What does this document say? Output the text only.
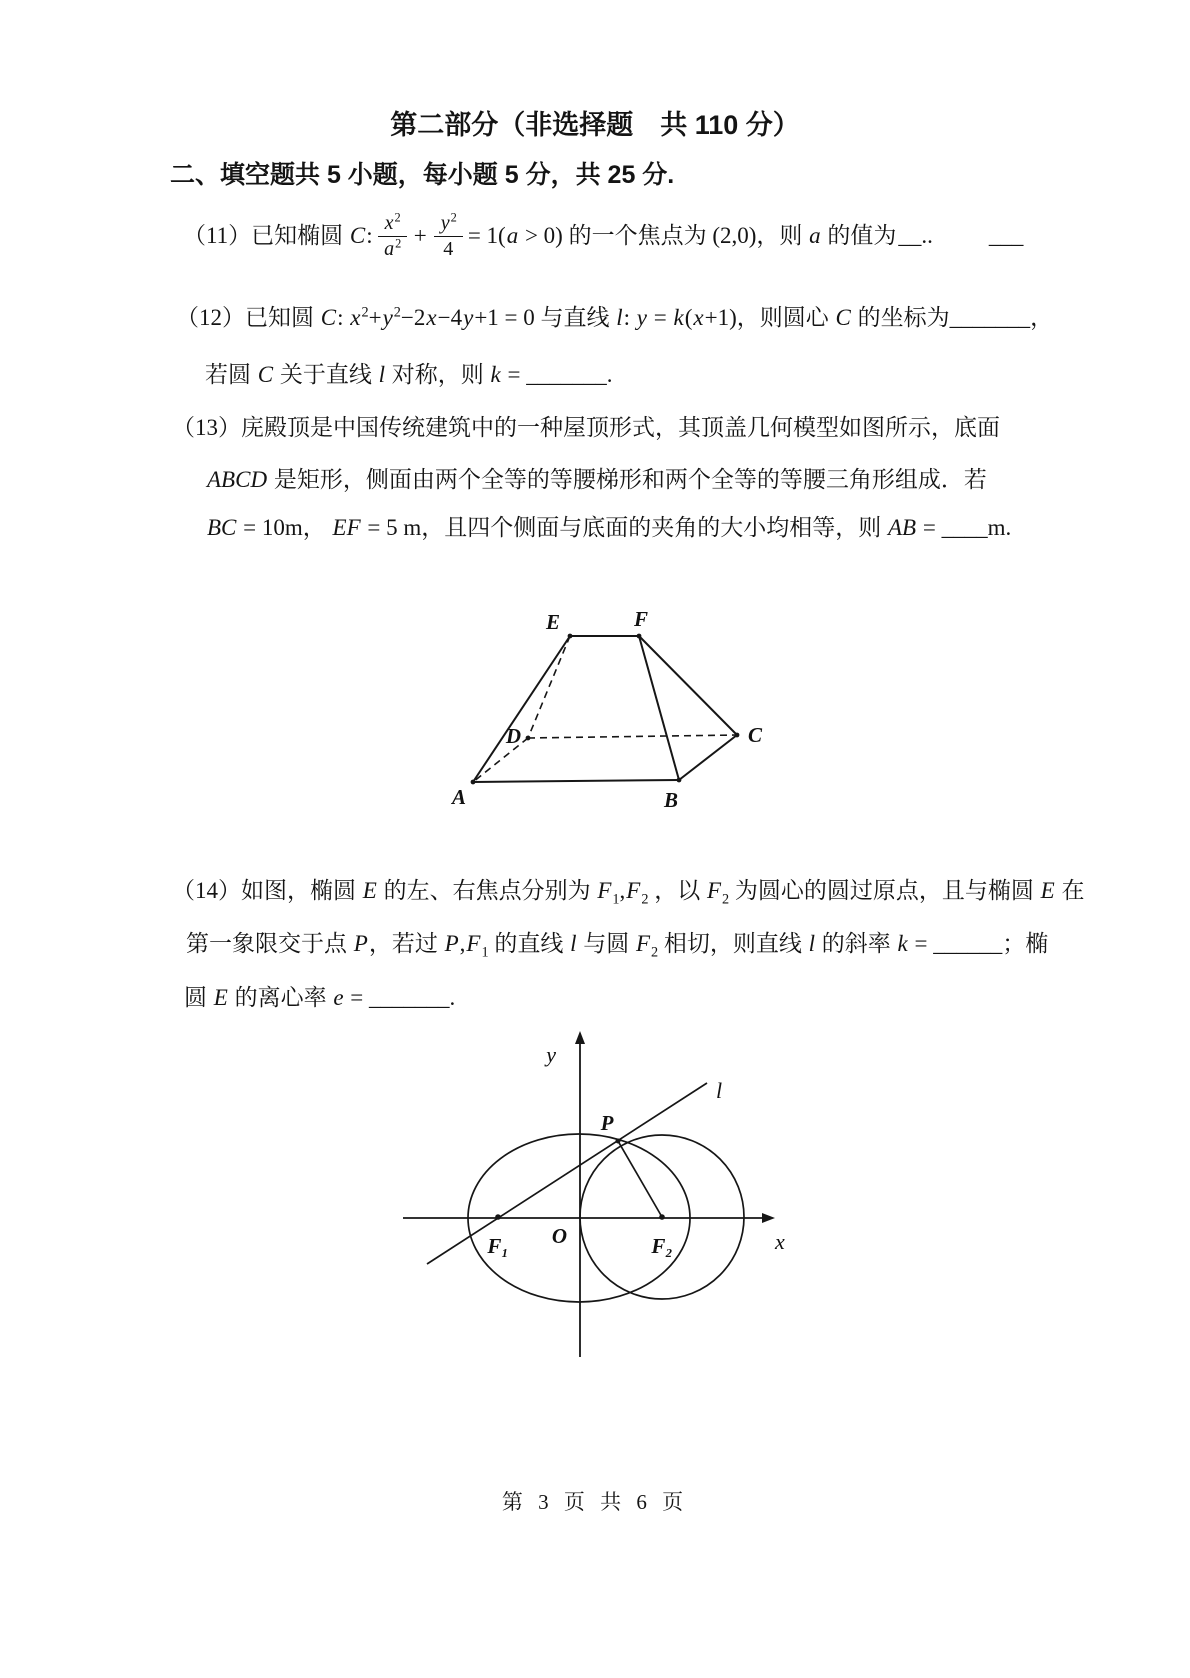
第二部分（非选择题　共 110 分）
二、填空题共 5 小题，每小题 5 分，共 25 分.
（11）已知椭圆 C: $\frac{x^2}{a^2} + \frac{y^2}{4} = 1(a > 0)$ 的一个焦点为 (2,0)，则 a 的值为 __.. ___
（12）已知圆 C: $x^2+y^2-2x-4y+1 = 0$ 与直线 l: y = k(x+1)，则圆心 C 的坐标为_______，
若圆 C 关于直线 l 对称，则 k = _______.
（13）庑殿顶是中国传统建筑中的一种屋顶形式，其顶盖几何模型如图所示，底面
ABCD 是矩形，侧面由两个全等的等腰梯形和两个全等的等腰三角形组成．若
BC = 10m， EF = 5 m，且四个侧面与底面的夹角的大小均相等，则 AB = ____m.
E	F
D	C
A	B
（14）如图，椭圆 E 的左、右焦点分别为 $F_1,F_2$ ，以 $F_2$ 为圆心的圆过原点，且与椭圆 E 在
第一象限交于点 P，若过 $P,F_1$ 的直线 l 与圆 $F_2$ 相切，则直线 l 的斜率 k = ______；椭
圆 E 的离心率 e = _______.
y
x
O
F₁	F₂
P
l
第 3 页 共 6 页
